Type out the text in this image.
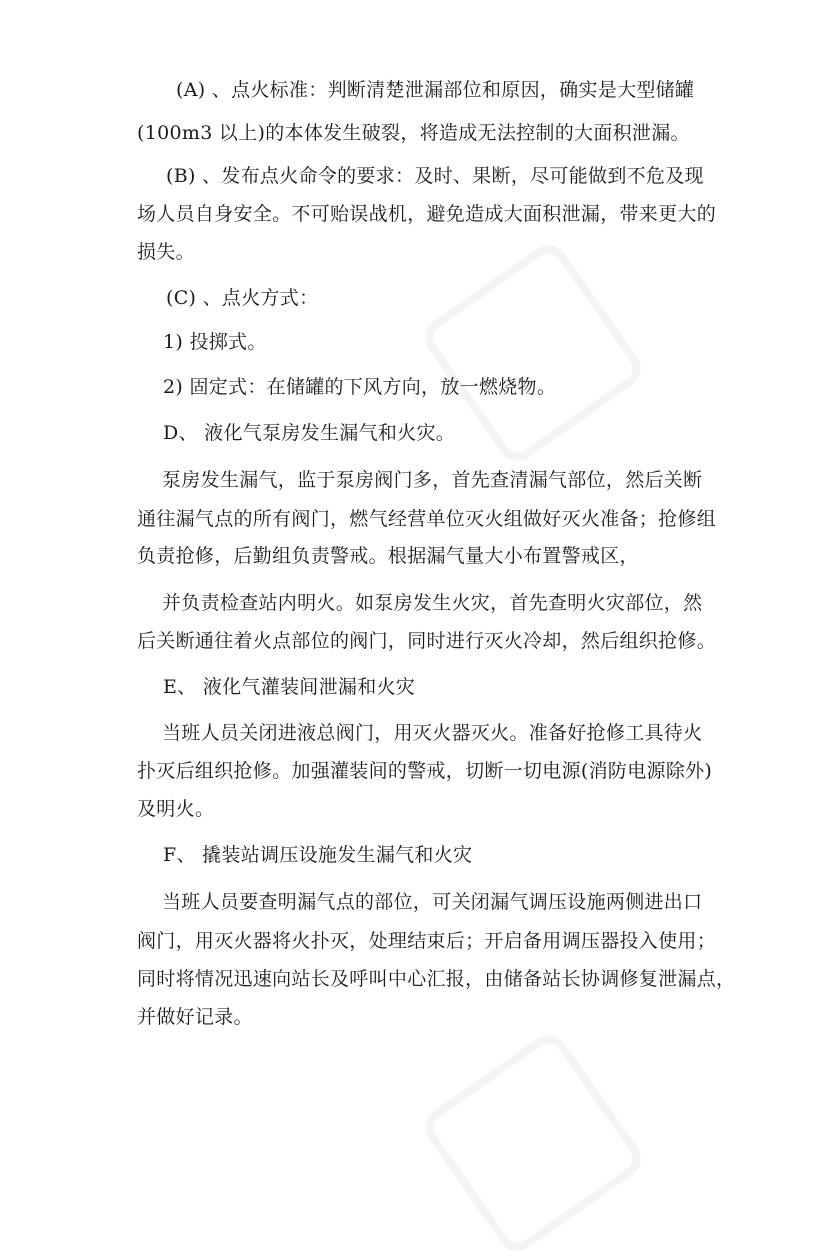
(A) 、点火标准：判断清楚泄漏部位和原因，确实是大型储罐
(100m3 以上)的本体发生破裂，将造成无法控制的大面积泄漏。
(B) 、发布点火命令的要求：及时、果断，尽可能做到不危及现
场人员自身安全。不可贻误战机，避免造成大面积泄漏，带来更大的
损失。
(C) 、点火方式：
1) 投掷式。
2) 固定式：在储罐的下风方向，放一燃烧物。
D、 液化气泵房发生漏气和火灾。
泵房发生漏气，监于泵房阀门多，首先查清漏气部位，然后关断
通往漏气点的所有阀门，燃气经营单位灭火组做好灭火准备；抢修组
负责抢修，后勤组负责警戒。根据漏气量大小布置警戒区，
并负责检查站内明火。如泵房发生火灾，首先查明火灾部位，然
后关断通往着火点部位的阀门，同时进行灭火冷却，然后组织抢修。
E、 液化气灌装间泄漏和火灾
当班人员关闭进液总阀门，用灭火器灭火。准备好抢修工具待火
扑灭后组织抢修。加强灌装间的警戒，切断一切电源(消防电源除外)
及明火。
F、 撬装站调压设施发生漏气和火灾
当班人员要查明漏气点的部位，可关闭漏气调压设施两侧进出口
阀门，用灭火器将火扑灭，处理结束后；开启备用调压器投入使用；
同时将情况迅速向站长及呼叫中心汇报，由储备站长协调修复泄漏点，
并做好记录。
